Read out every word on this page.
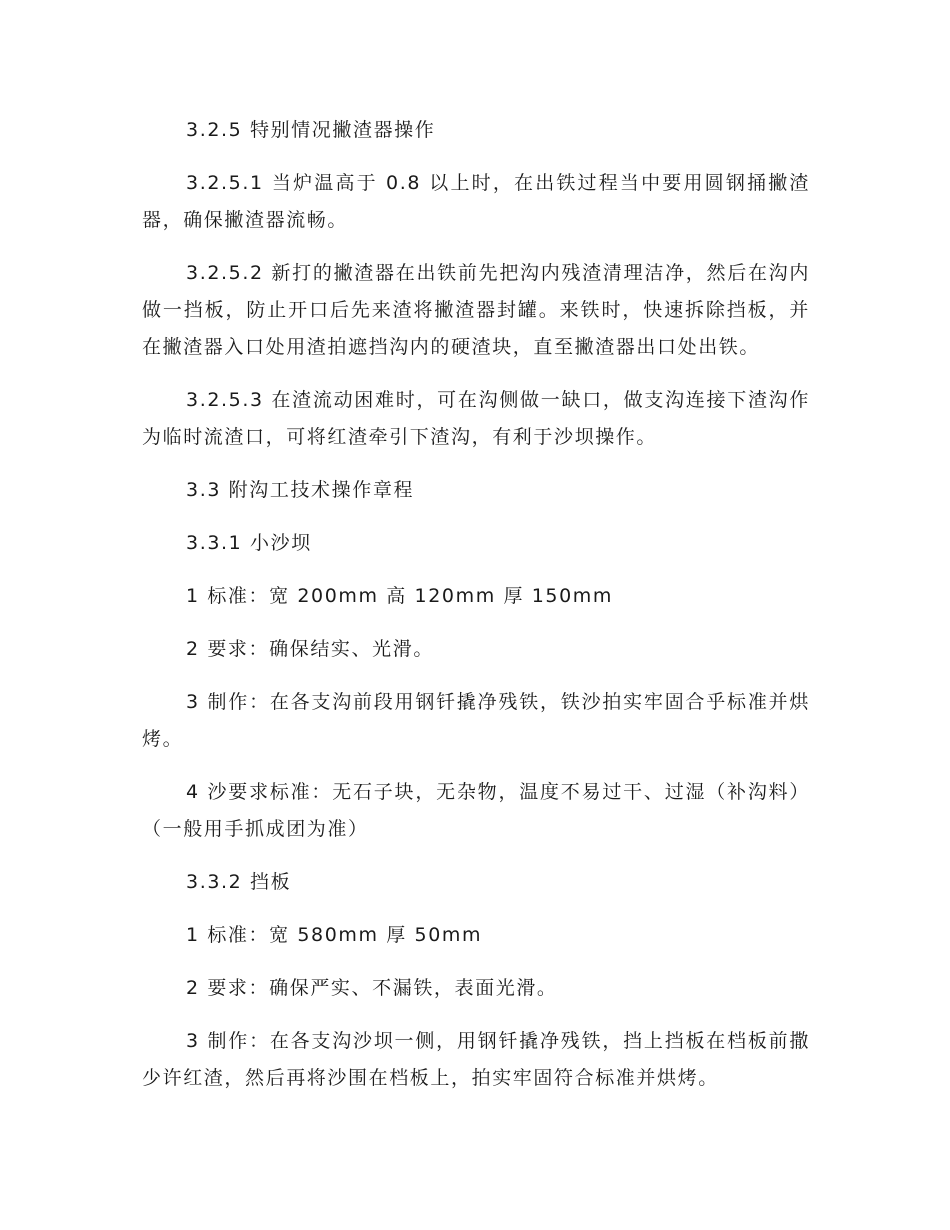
3.2.5 特别情况撇渣器操作

3.2.5.1 当炉温高于 0.8 以上时，在出铁过程当中要用圆钢捅撇渣器，确保撇渣器流畅。

3.2.5.2 新打的撇渣器在出铁前先把沟内残渣清理洁净，然后在沟内做一挡板，防止开口后先来渣将撇渣器封罐。来铁时，快速拆除挡板，并在撇渣器入口处用渣拍遮挡沟内的硬渣块，直至撇渣器出口处出铁。

3.2.5.3 在渣流动困难时，可在沟侧做一缺口，做支沟连接下渣沟作为临时流渣口，可将红渣牵引下渣沟，有利于沙坝操作。

3.3 附沟工技术操作章程

3.3.1 小沙坝

1 标准：宽 200mm 高 120mm 厚 150mm

2 要求：确保结实、光滑。

3 制作：在各支沟前段用钢钎撬净残铁，铁沙拍实牢固合乎标准并烘烤。

4 沙要求标准：无石子块，无杂物，温度不易过干、过湿（补沟料）（一般用手抓成团为准）

3.3.2 挡板

1 标准：宽 580mm 厚 50mm

2 要求：确保严实、不漏铁，表面光滑。

3 制作：在各支沟沙坝一侧，用钢钎撬净残铁，挡上挡板在档板前撒少许红渣，然后再将沙围在档板上，拍实牢固符合标准并烘烤。
